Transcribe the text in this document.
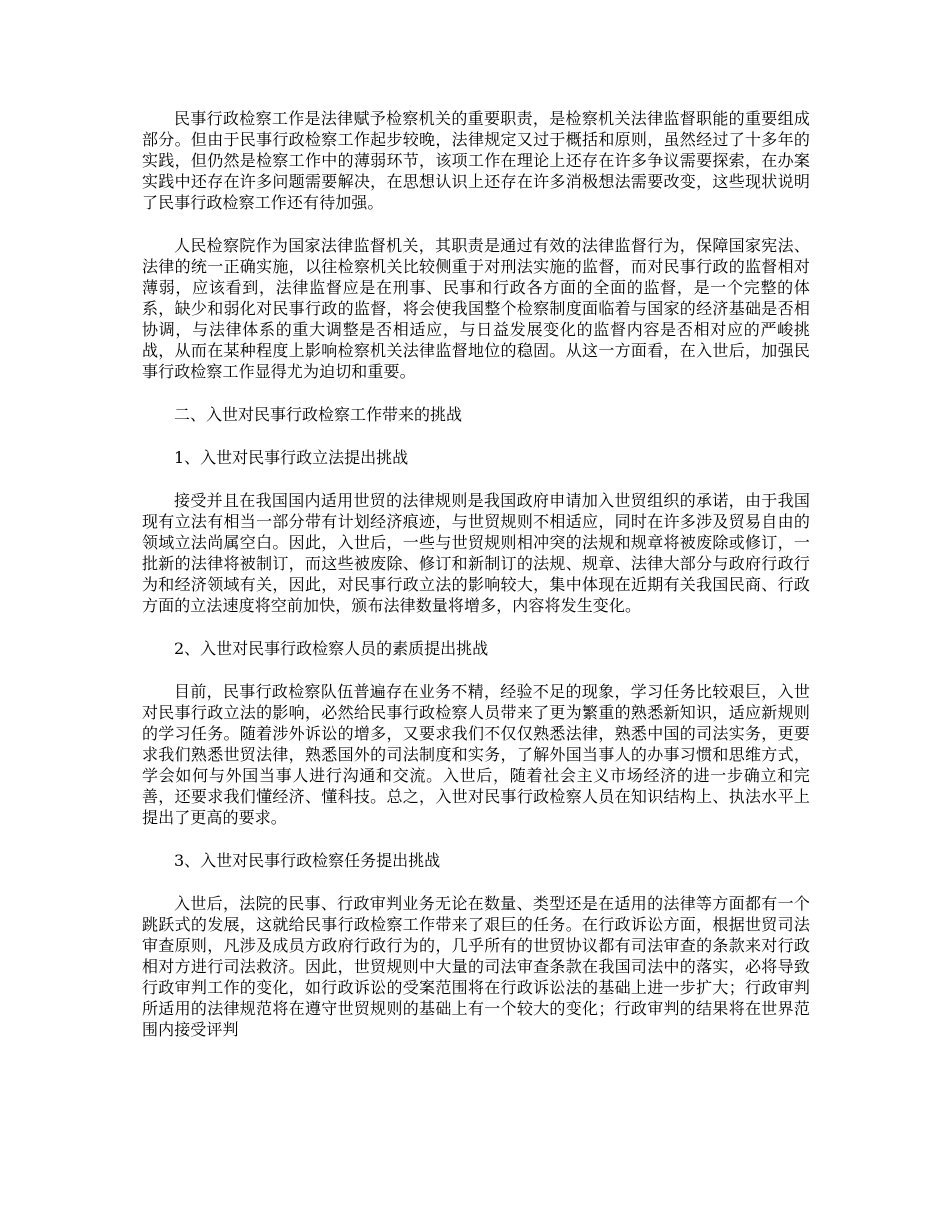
民事行政检察工作是法律赋予检察机关的重要职责，是检察机关法律监督职能的重要组成部分。但由于民事行政检察工作起步较晚，法律规定又过于概括和原则，虽然经过了十多年的实践，但仍然是检察工作中的薄弱环节，该项工作在理论上还存在许多争议需要探索，在办案实践中还存在许多问题需要解决，在思想认识上还存在许多消极想法需要改变，这些现状说明了民事行政检察工作还有待加强。

人民检察院作为国家法律监督机关，其职责是通过有效的法律监督行为，保障国家宪法、法律的统一正确实施，以往检察机关比较侧重于对刑法实施的监督，而对民事行政的监督相对薄弱，应该看到，法律监督应是在刑事、民事和行政各方面的全面的监督，是一个完整的体系，缺少和弱化对民事行政的监督，将会使我国整个检察制度面临着与国家的经济基础是否相协调，与法律体系的重大调整是否相适应，与日益发展变化的监督内容是否相对应的严峻挑战，从而在某种程度上影响检察机关法律监督地位的稳固。从这一方面看，在入世后，加强民事行政检察工作显得尤为迫切和重要。

二、入世对民事行政检察工作带来的挑战

1、入世对民事行政立法提出挑战

接受并且在我国国内适用世贸的法律规则是我国政府申请加入世贸组织的承诺，由于我国现有立法有相当一部分带有计划经济痕迹，与世贸规则不相适应，同时在许多涉及贸易自由的领域立法尚属空白。因此，入世后，一些与世贸规则相冲突的法规和规章将被废除或修订，一批新的法律将被制订，而这些被废除、修订和新制订的法规、规章、法律大部分与政府行政行为和经济领域有关，因此，对民事行政立法的影响较大，集中体现在近期有关我国民商、行政方面的立法速度将空前加快，颁布法律数量将增多，内容将发生变化。

2、入世对民事行政检察人员的素质提出挑战

目前，民事行政检察队伍普遍存在业务不精，经验不足的现象，学习任务比较艰巨，入世对民事行政立法的影响，必然给民事行政检察人员带来了更为繁重的熟悉新知识，适应新规则的学习任务。随着涉外诉讼的增多，又要求我们不仅仅熟悉法律，熟悉中国的司法实务，更要求我们熟悉世贸法律，熟悉国外的司法制度和实务，了解外国当事人的办事习惯和思维方式，学会如何与外国当事人进行沟通和交流。入世后，随着社会主义市场经济的进一步确立和完善，还要求我们懂经济、懂科技。总之，入世对民事行政检察人员在知识结构上、执法水平上提出了更高的要求。

3、入世对民事行政检察任务提出挑战

入世后，法院的民事、行政审判业务无论在数量、类型还是在适用的法律等方面都有一个跳跃式的发展，这就给民事行政检察工作带来了艰巨的任务。在行政诉讼方面，根据世贸司法审查原则，凡涉及成员方政府行政行为的，几乎所有的世贸协议都有司法审查的条款来对行政相对方进行司法救济。因此，世贸规则中大量的司法审查条款在我国司法中的落实，必将导致行政审判工作的变化，如行政诉讼的受案范围将在行政诉讼法的基础上进一步扩大；行政审判所适用的法律规范将在遵守世贸规则的基础上有一个较大的变化；行政审判的结果将在世界范围内接受评判
